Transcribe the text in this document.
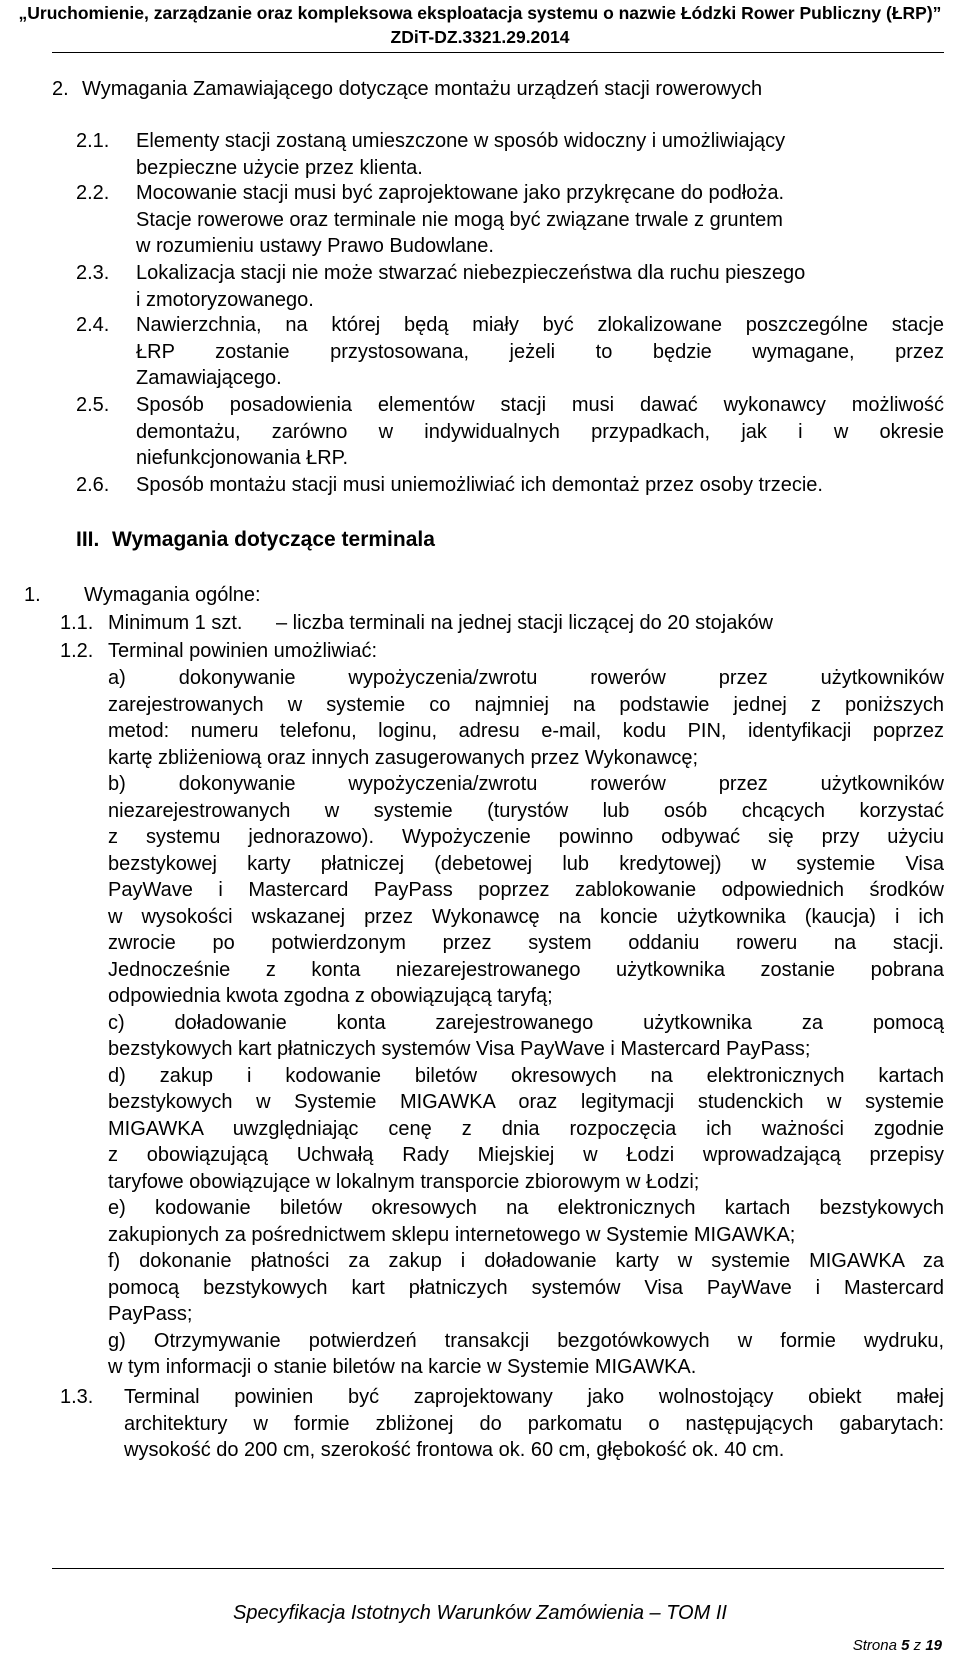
„Uruchomienie, zarządzanie oraz kompleksowa eksploatacja systemu o nazwie Łódzki Rower Publiczny (ŁRP)”
ZDiT-DZ.3321.29.2014
2. Wymagania Zamawiającego dotyczące montażu urządzeń stacji rowerowych
2.1. Elementy stacji zostaną umieszczone w sposób widoczny i umożliwiający
bezpieczne użycie przez klienta.
2.2. Mocowanie stacji musi być zaprojektowane jako przykręcane do podłoża.
Stacje rowerowe oraz terminale nie mogą być związane trwale z gruntem
w rozumieniu ustawy Prawo Budowlane.
2.3. Lokalizacja stacji nie może stwarzać niebezpieczeństwa dla ruchu pieszego
i zmotoryzowanego.
2.4. Nawierzchnia, na której będą miały być zlokalizowane poszczególne stacje
ŁRP zostanie przystosowana, jeżeli to będzie wymagane, przez
Zamawiającego.
2.5. Sposób posadowienia elementów stacji musi dawać wykonawcy możliwość
demontażu, zarówno w indywidualnych przypadkach, jak i w okresie
niefunkcjonowania ŁRP.
2.6. Sposób montażu stacji musi uniemożliwiać ich demontaż przez osoby trzecie.
III. Wymagania dotyczące terminala
1. Wymagania ogólne:
1.1. Minimum 1 szt. – liczba terminali na jednej stacji liczącej do 20 stojaków
1.2. Terminal powinien umożliwiać:
a) dokonywanie wypożyczenia/zwrotu rowerów przez użytkowników
zarejestrowanych w systemie co najmniej na podstawie jednej z poniższych
metod: numeru telefonu, loginu, adresu e-mail, kodu PIN, identyfikacji poprzez
kartę zbliżeniową oraz innych zasugerowanych przez Wykonawcę;
b) dokonywanie wypożyczenia/zwrotu rowerów przez użytkowników
niezarejestrowanych w systemie (turystów lub osób chcących korzystać
z systemu jednorazowo). Wypożyczenie powinno odbywać się przy użyciu
bezstykowej karty płatniczej (debetowej lub kredytowej) w systemie Visa
PayWave i Mastercard PayPass poprzez zablokowanie odpowiednich środków
w wysokości wskazanej przez Wykonawcę na koncie użytkownika (kaucja) i ich
zwrocie po potwierdzonym przez system oddaniu roweru na stacji.
Jednocześnie z konta niezarejestrowanego użytkownika zostanie pobrana
odpowiednia kwota zgodna z obowiązującą taryfą;
c) doładowanie konta zarejestrowanego użytkownika za pomocą
bezstykowych kart płatniczych systemów Visa PayWave i Mastercard PayPass;
d) zakup i kodowanie biletów okresowych na elektronicznych kartach
bezstykowych w Systemie MIGAWKA oraz legitymacji studenckich w systemie
MIGAWKA uwzględniając cenę z dnia rozpoczęcia ich ważności zgodnie
z obowiązującą Uchwałą Rady Miejskiej w Łodzi wprowadzającą przepisy
taryfowe obowiązujące w lokalnym transporcie zbiorowym w Łodzi;
e) kodowanie biletów okresowych na elektronicznych kartach bezstykowych
zakupionych za pośrednictwem sklepu internetowego w Systemie MIGAWKA;
f) dokonanie płatności za zakup i doładowanie karty w systemie MIGAWKA za
pomocą bezstykowych kart płatniczych systemów Visa PayWave i Mastercard
PayPass;
g) Otrzymywanie potwierdzeń transakcji bezgotówkowych w formie wydruku,
w tym informacji o stanie biletów na karcie w Systemie MIGAWKA.
1.3. Terminal powinien być zaprojektowany jako wolnostojący obiekt małej
architektury w formie zbliżonej do parkomatu o następujących gabarytach:
wysokość do 200 cm, szerokość frontowa ok. 60 cm, głębokość ok. 40 cm.
Specyfikacja Istotnych Warunków Zamówienia – TOM II
Strona 5 z 19
